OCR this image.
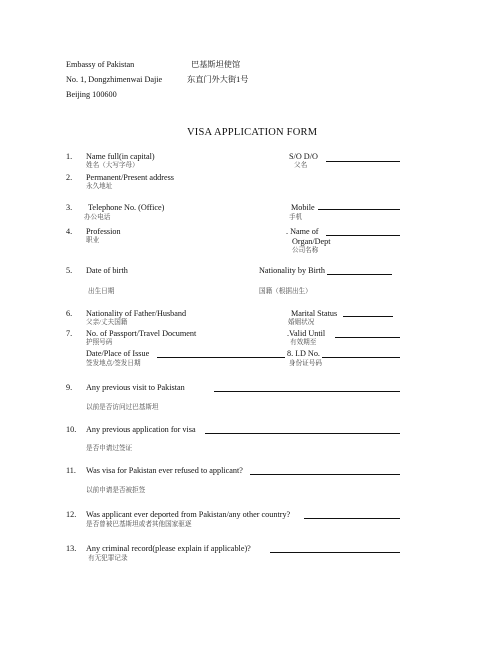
Embassy of Pakistan	巴基斯坦使馆
No. 1, Dongzhimenwai Dajie	东直门外大街1号
Beijing 100600
VISA APPLICATION FORM
1. Name full(in capital)
姓名（大写字母）
S/O D/O
父名
2. Permanent/Present address
永久地址
3. Telephone No. (Office)
办公电话
Mobile
手机
4. Profession
职业
. Name of
Organ/Dept
公司名称
5. Date of birth
出生日期
Nationality by Birth
国籍（根据出生）
6. Nationality of Father/Husband
父亲/丈夫国籍
Marital Status
婚姻状况
7. No. of Passport/Travel Document
护照号码
.Valid Until
有效期至
Date/Place of Issue	8. I.D No.
签发地点/签发日期	身份证号码
9. Any previous visit to Pakistan
以前是否访问过巴基斯坦
10. Any previous application for visa
是否申请过签证
11. Was visa for Pakistan ever refused to applicant?
以前申请是否被拒签
12. Was applicant ever deported from Pakistan/any other country?
是否曾被巴基斯坦或者其他国家驱逐
13. Any criminal record(please explain if applicable)?
有无犯罪记录
